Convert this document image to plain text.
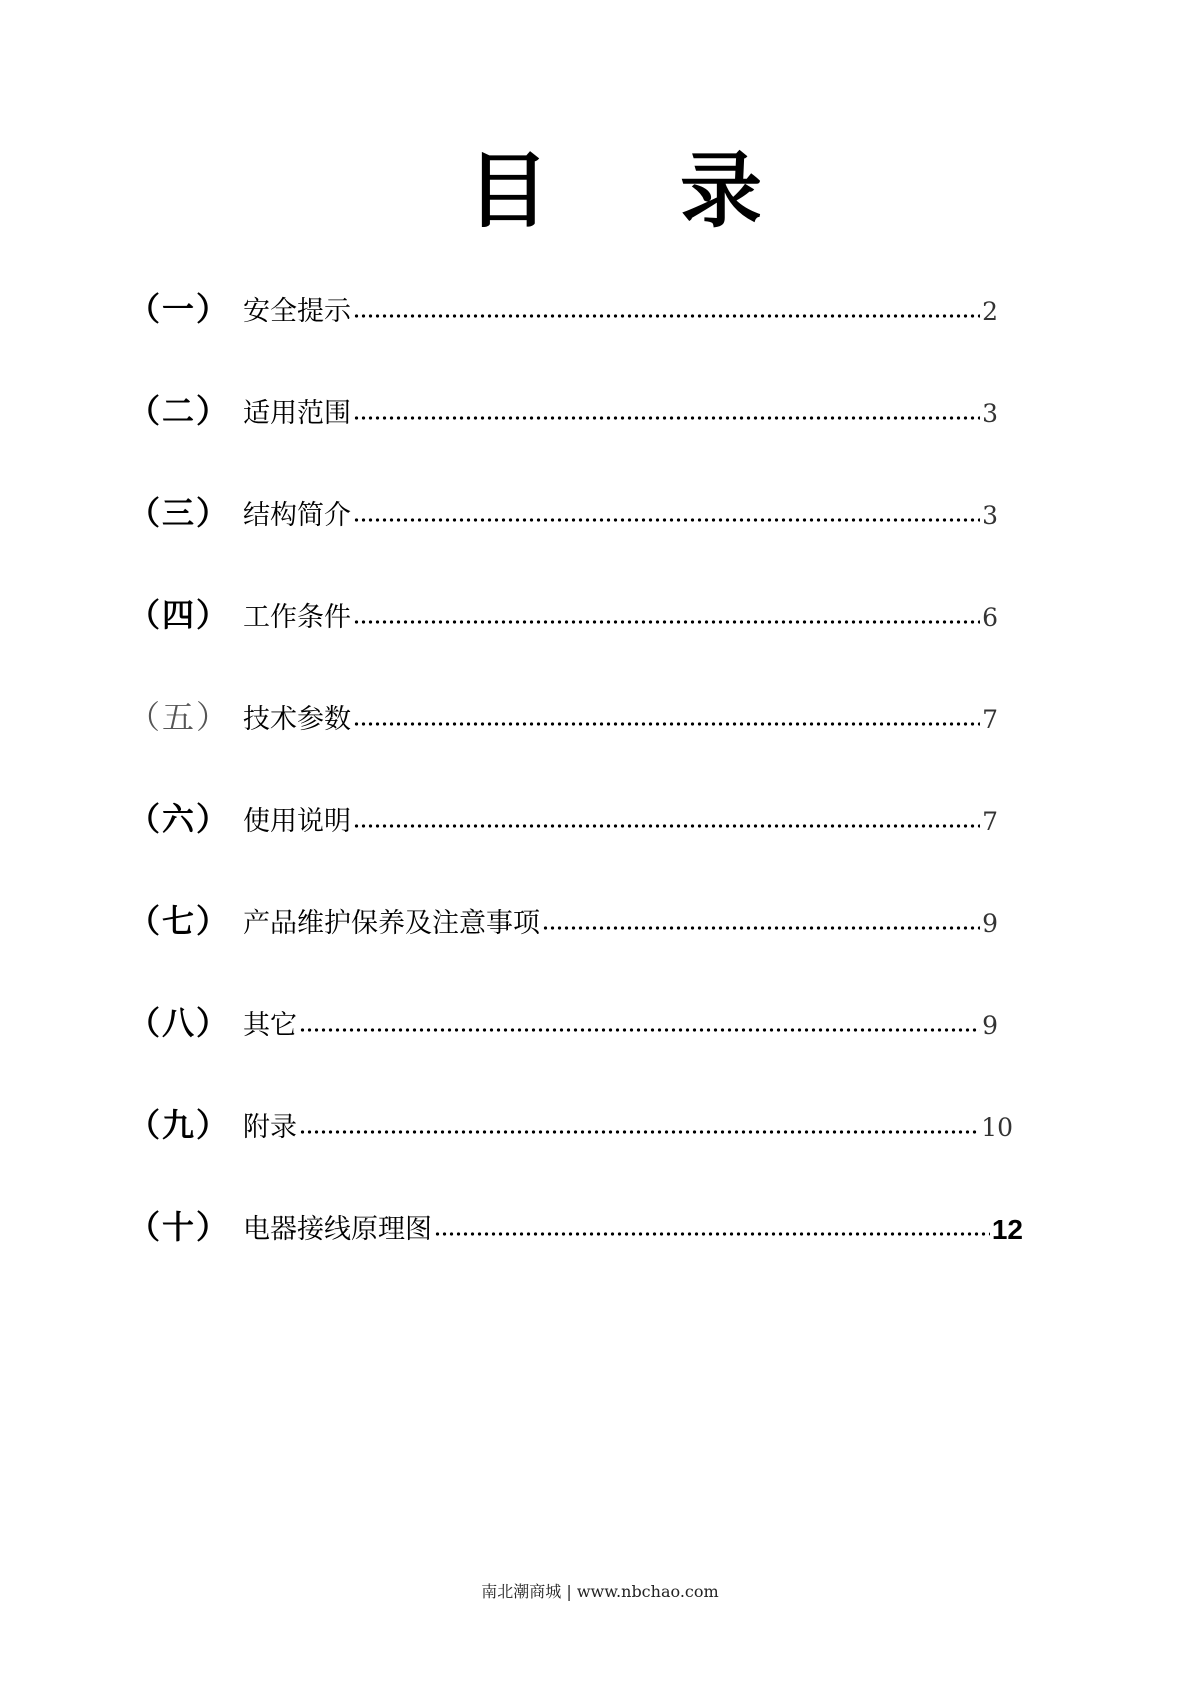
目 录
（一） 安全提示	2
（二） 适用范围	3
（三） 结构简介	3
（四） 工作条件	6
（五） 技术参数	7
（六） 使用说明	7
（七） 产品维护保养及注意事项	9
（八） 其它	9
（九） 附录	10
（十） 电器接线原理图	12
南北潮商城 | www.nbchao.com
